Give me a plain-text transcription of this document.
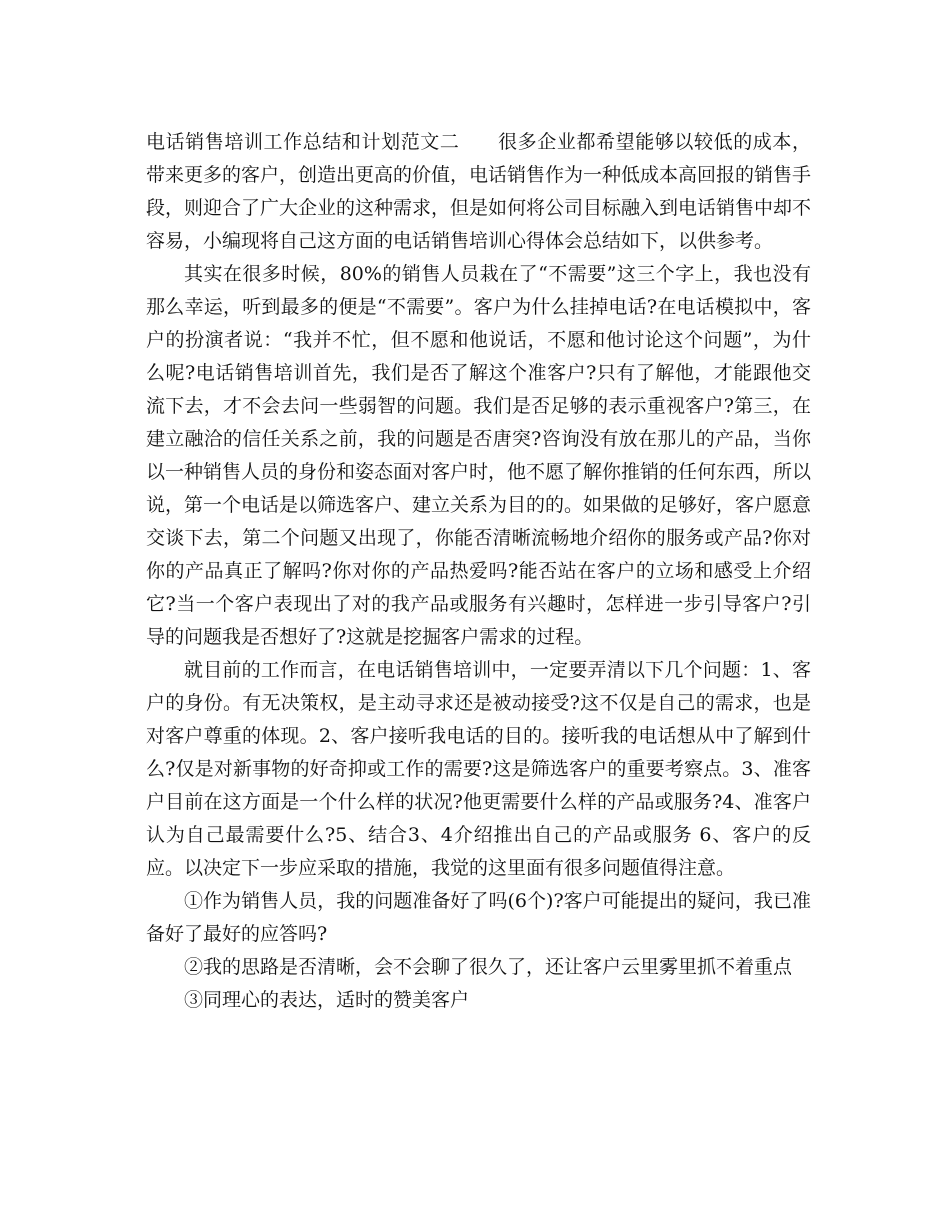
电话销售培训工作总结和计划范文二 很多企业都希望能够以较低的成本，带来更多的客户，创造出更高的价值，电话销售作为一种低成本高回报的销售手段，则迎合了广大企业的这种需求，但是如何将公司目标融入到电话销售中却不容易，小编现将自己这方面的电话销售培训心得体会总结如下，以供参考。

其实在很多时候，80%的销售人员栽在了“不需要”这三个字上，我也没有那么幸运，听到最多的便是“不需要”。客户为什么挂掉电话?在电话模拟中，客户的扮演者说：“我并不忙，但不愿和他说话，不愿和他讨论这个问题”，为什么呢?电话销售培训首先，我们是否了解这个准客户?只有了解他，才能跟他交流下去，才不会去问一些弱智的问题。我们是否足够的表示重视客户?第三，在建立融洽的信任关系之前，我的问题是否唐突?咨询没有放在那儿的产品，当你以一种销售人员的身份和姿态面对客户时，他不愿了解你推销的任何东西，所以说，第一个电话是以筛选客户、建立关系为目的的。如果做的足够好，客户愿意交谈下去，第二个问题又出现了，你能否清晰流畅地介绍你的服务或产品?你对你的产品真正了解吗?你对你的产品热爱吗?能否站在客户的立场和感受上介绍它?当一个客户表现出了对的我产品或服务有兴趣时，怎样进一步引导客户?引导的问题我是否想好了?这就是挖掘客户需求的过程。

就目前的工作而言，在电话销售培训中，一定要弄清以下几个问题：1、客户的身份。有无决策权，是主动寻求还是被动接受?这不仅是自己的需求，也是对客户尊重的体现。2、客户接听我电话的目的。接听我的电话想从中了解到什么?仅是对新事物的好奇抑或工作的需要?这是筛选客户的重要考察点。3、准客户目前在这方面是一个什么样的状况?他更需要什么样的产品或服务?4、准客户认为自己最需要什么?5、结合3、4介绍推出自己的产品或服务 6、客户的反应。以决定下一步应采取的措施，我觉的这里面有很多问题值得注意。

①作为销售人员，我的问题准备好了吗(6个)?客户可能提出的疑问，我已准备好了最好的应答吗?

②我的思路是否清晰，会不会聊了很久了，还让客户云里雾里抓不着重点

③同理心的表达，适时的赞美客户
